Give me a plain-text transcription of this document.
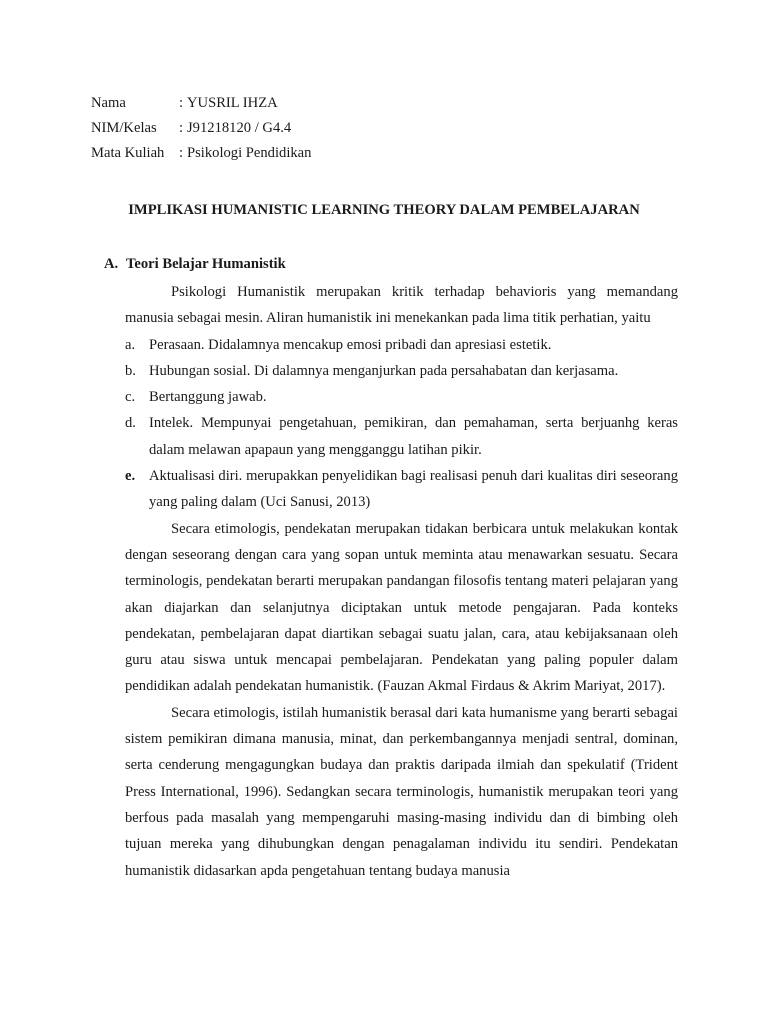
Nama	: YUSRIL IHZA
NIM/Kelas	: J91218120 / G4.4
Mata Kuliah	: Psikologi Pendidikan
IMPLIKASI HUMANISTIC LEARNING THEORY DALAM PEMBELAJARAN
A. Teori Belajar Humanistik

Psikologi Humanistik merupakan kritik terhadap behavioris yang memandang manusia sebagai mesin. Aliran humanistik ini menekankan pada lima titik perhatian, yaitu

a. Perasaan. Didalamnya mencakup emosi pribadi dan apresiasi estetik.
b. Hubungan sosial. Di dalamnya menganjurkan pada persahabatan dan kerjasama.
c. Bertanggung jawab.
d. Intelek. Mempunyai pengetahuan, pemikiran, dan pemahaman, serta berjuanhg keras dalam melawan apapaun yang mengganggu latihan pikir.
e. Aktualisasi diri. merupakkan penyelidikan bagi realisasi penuh dari kualitas diri seseorang yang paling dalam (Uci Sanusi, 2013)

Secara etimologis, pendekatan merupakan tidakan berbicara untuk melakukan kontak dengan seseorang dengan cara yang sopan untuk meminta atau menawarkan sesuatu. Secara terminologis, pendekatan berarti merupakan pandangan filosofis tentang materi pelajaran yang akan diajarkan dan selanjutnya diciptakan untuk metode pengajaran. Pada konteks pendekatan, pembelajaran dapat diartikan sebagai suatu jalan, cara, atau kebijaksanaan oleh guru atau siswa untuk mencapai pembelajaran. Pendekatan yang paling populer dalam pendidikan adalah pendekatan humanistik. (Fauzan Akmal Firdaus & Akrim Mariyat, 2017).

Secara etimologis, istilah humanistik berasal dari kata humanisme yang berarti sebagai sistem pemikiran dimana manusia, minat, dan perkembangannya menjadi sentral, dominan, serta cenderung mengagungkan budaya dan praktis daripada ilmiah dan spekulatif (Trident Press International, 1996). Sedangkan secara terminologis, humanistik merupakan teori yang berfous pada masalah yang mempengaruhi masing-masing individu dan di bimbing oleh tujuan mereka yang dihubungkan dengan penagalaman individu itu sendiri. Pendekatan humanistik didasarkan apda pengetahuan tentang budaya manusia
